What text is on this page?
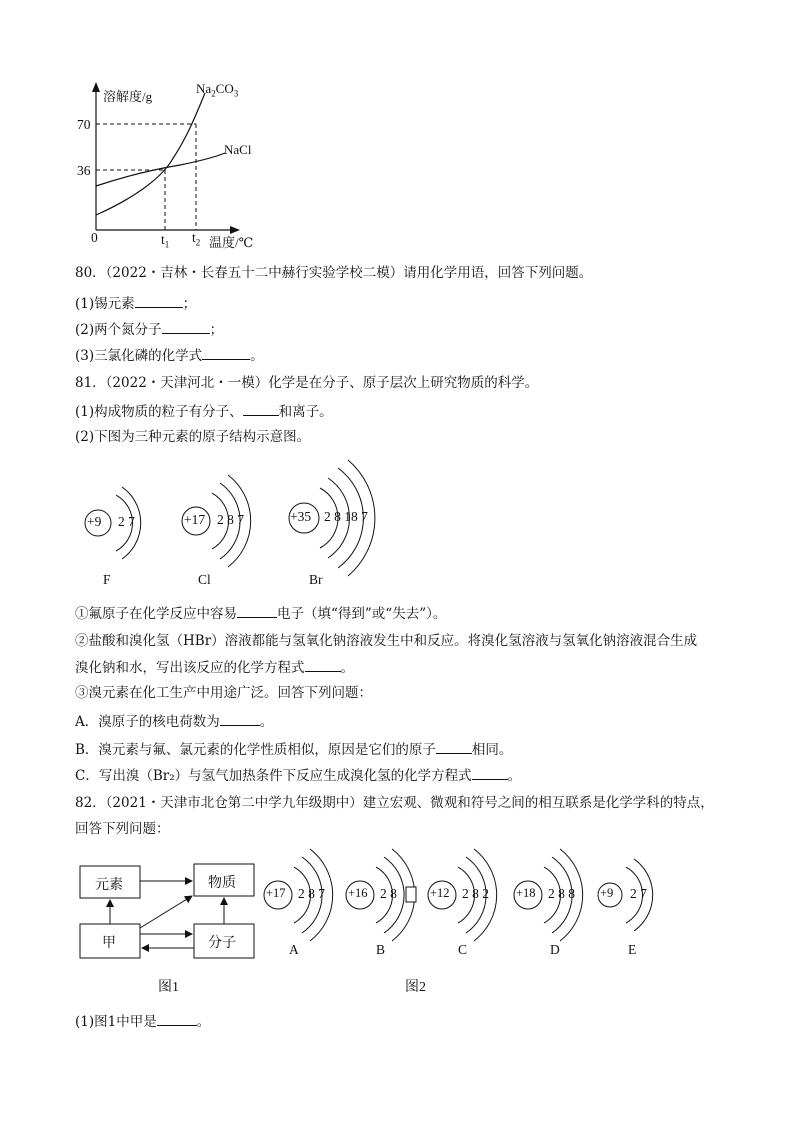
溶解度/g
70
36
0	$t_1$ $t_2$ 温度/℃
$Na_2CO_3$
NaCl
80．（2022・吉林・长春五十二中赫行实验学校二模）请用化学用语，回答下列问题。
(1)锡元素	；
(2)两个氮分子	；
(3)三氯化磷的化学式	。
81．（2022・天津河北・一模）化学是在分子、原子层次上研究物质的科学。
(1)构成物质的粒子有分子、	和离子。
(2)下图为三种元素的原子结构示意图。
+9 2 7
F
+17 2 8 7
Cl
+35 2 8 18 7
Br
①氟原子在化学反应中容易	电子（填“得到”或“失去”）。
②盐酸和溴化氢（HBr）溶液都能与氢氧化钠溶液发生中和反应。将溴化氢溶液与氢氧化钠溶液混合生成
溴化钠和水，写出该反应的化学方程式	。
③溴元素在化工生产中用途广泛。回答下列问题：
A．溴原子的核电荷数为	。
B．溴元素与氟、氯元素的化学性质相似，原因是它们的原子	相同。
C．写出溴（Br₂）与氢气加热条件下反应生成溴化氢的化学方程式	。
82．（2021・天津市北仓第二中学九年级期中）建立宏观、微观和符号之间的相互联系是化学学科的特点，
回答下列问题：
元素	物质
甲	分子
图1
+17 2 8 7
A
+16 2 8
B
+12 2 8 2
C
+18 2 8 8
D
+9 2 7
E
图2
(1)图1中甲是	。
